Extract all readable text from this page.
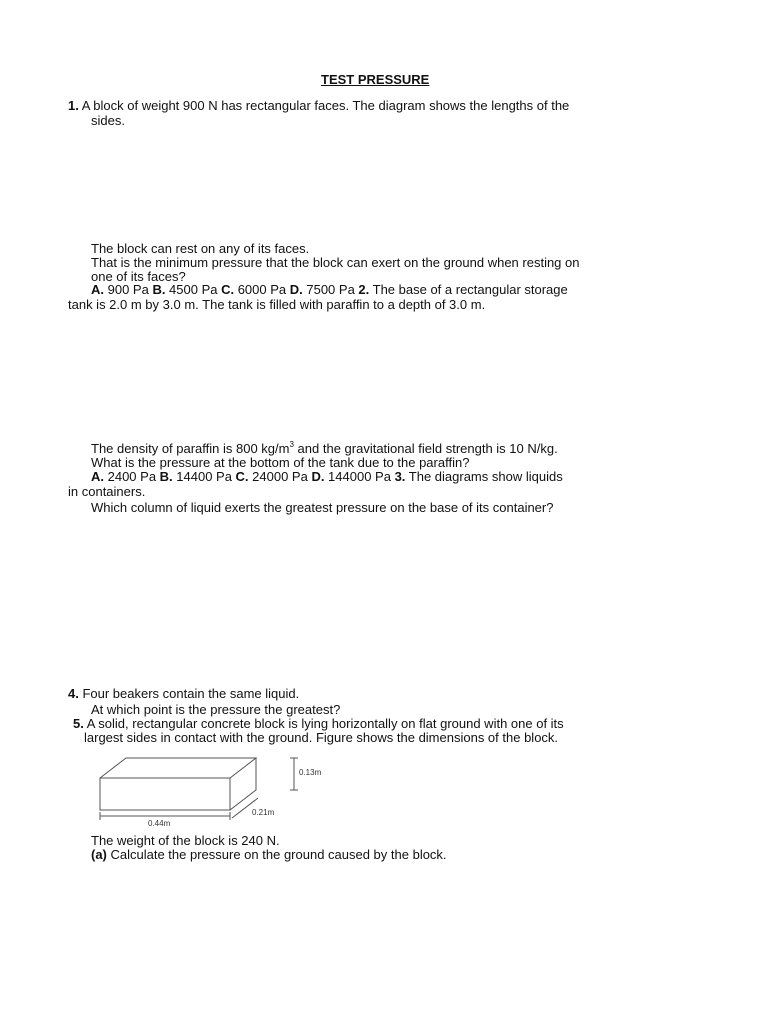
TEST PRESSURE
1. A block of weight 900 N has rectangular faces. The diagram shows the lengths of the
sides.
The block can rest on any of its faces.
That is the minimum pressure that the block can exert on the ground when resting on
one of its faces?
A. 900 Pa B. 4500 Pa C. 6000 Pa D. 7500 Pa 2. The base of a rectangular storage
tank is 2.0 m by 3.0 m. The tank is filled with paraffin to a depth of 3.0 m.
The density of paraffin is 800 $kg/m^3$ and the gravitational field strength is 10 N/kg.
What is the pressure at the bottom of the tank due to the paraffin?
A. 2400 Pa B. 14400 Pa C. 24000 Pa D. 144000 Pa 3. The diagrams show liquids
in containers.
Which column of liquid exerts the greatest pressure on the base of its container?
4. Four beakers contain the same liquid.
At which point is the pressure the greatest?
5. A solid, rectangular concrete block is lying horizontally on flat ground with one of its
largest sides in contact with the ground. Figure shows the dimensions of the block.
0.13m
0.21m
0.44m
The weight of the block is 240 N.
(a) Calculate the pressure on the ground caused by the block.
